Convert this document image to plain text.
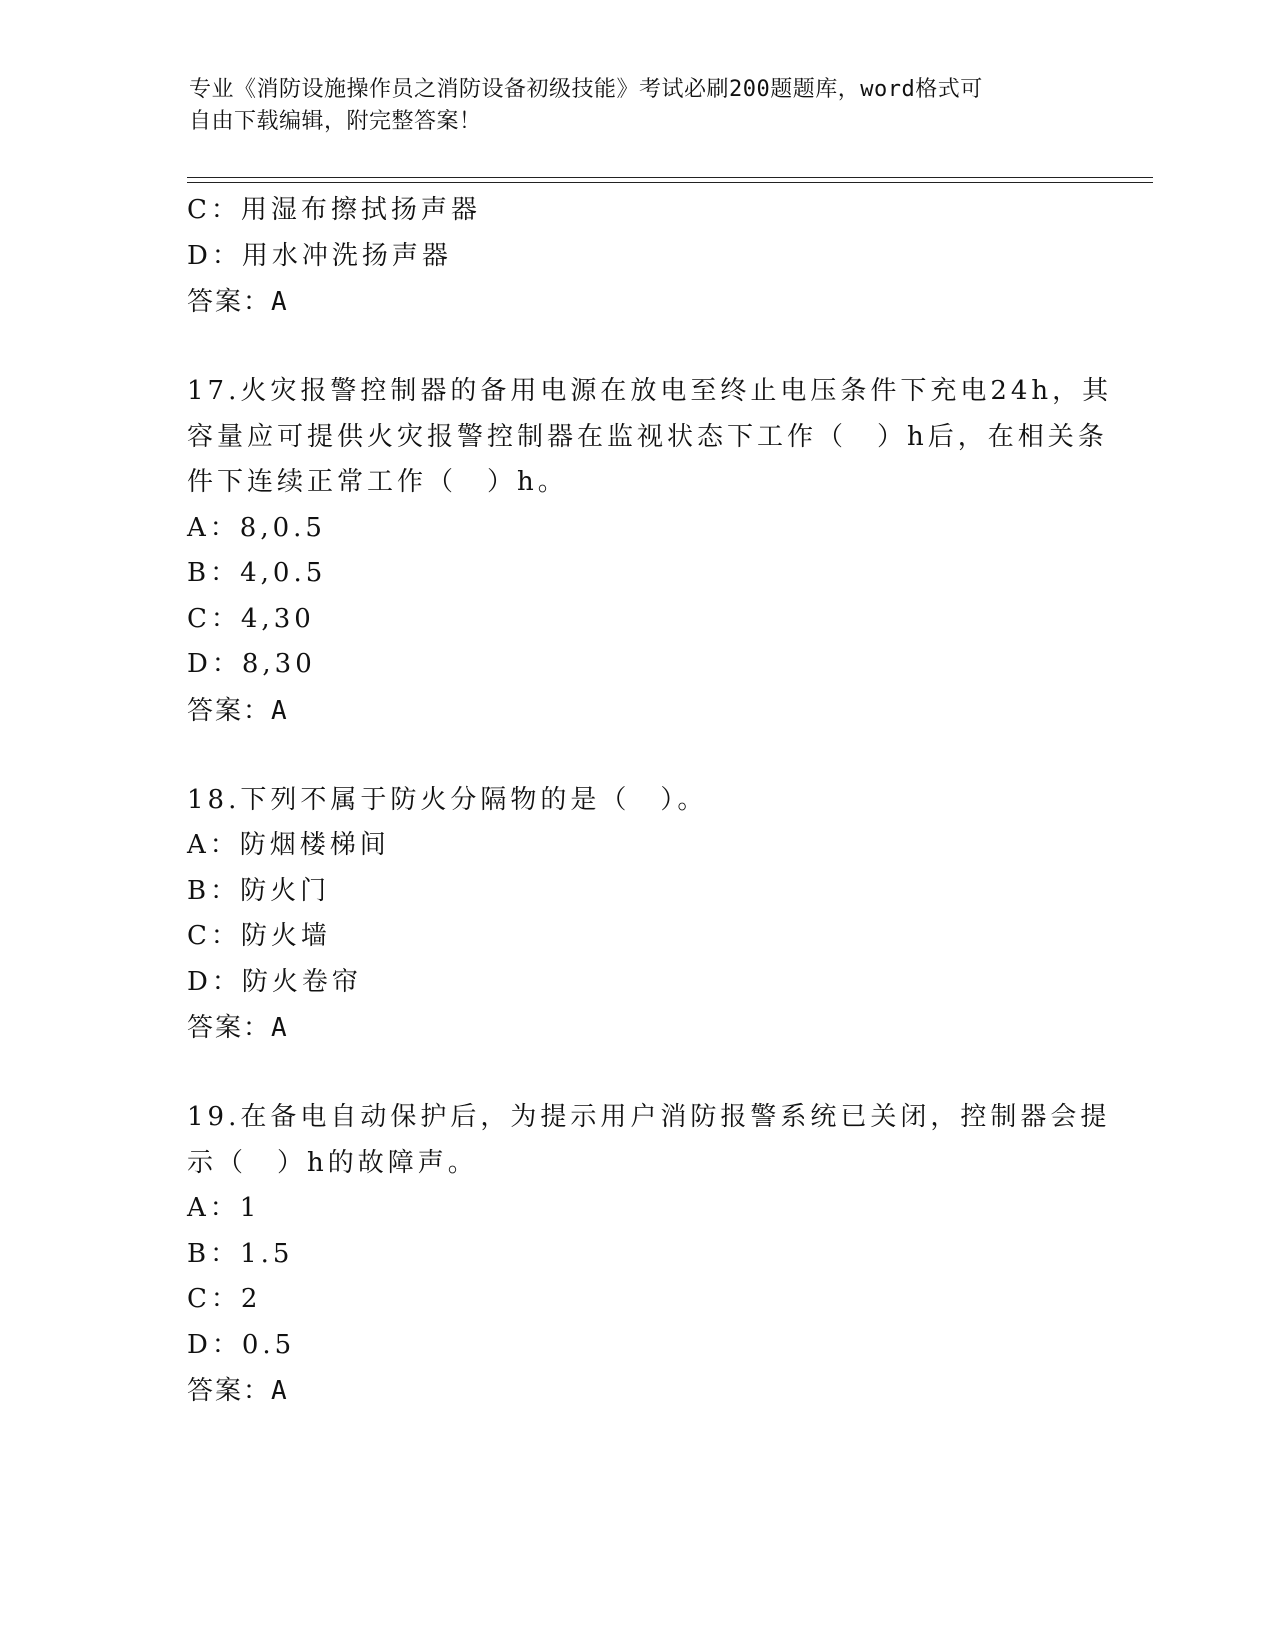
专业《消防设施操作员之消防设备初级技能》考试必刷200题题库，word格式可
自由下载编辑，附完整答案！
C：用湿布擦拭扬声器
D：用水冲洗扬声器
答案：A
17.火灾报警控制器的备用电源在放电至终止电压条件下充电24h，其
容量应可提供火灾报警控制器在监视状态下工作（　）h后，在相关条
件下连续正常工作（　）h。
A：8,0.5
B：4,0.5
C：4,30
D：8,30
答案：A
18.下列不属于防火分隔物的是（　）。
A：防烟楼梯间
B：防火门
C：防火墙
D：防火卷帘
答案：A
19.在备电自动保护后，为提示用户消防报警系统已关闭，控制器会提
示（　）h的故障声。
A：1
B：1.5
C：2
D：0.5
答案：A
